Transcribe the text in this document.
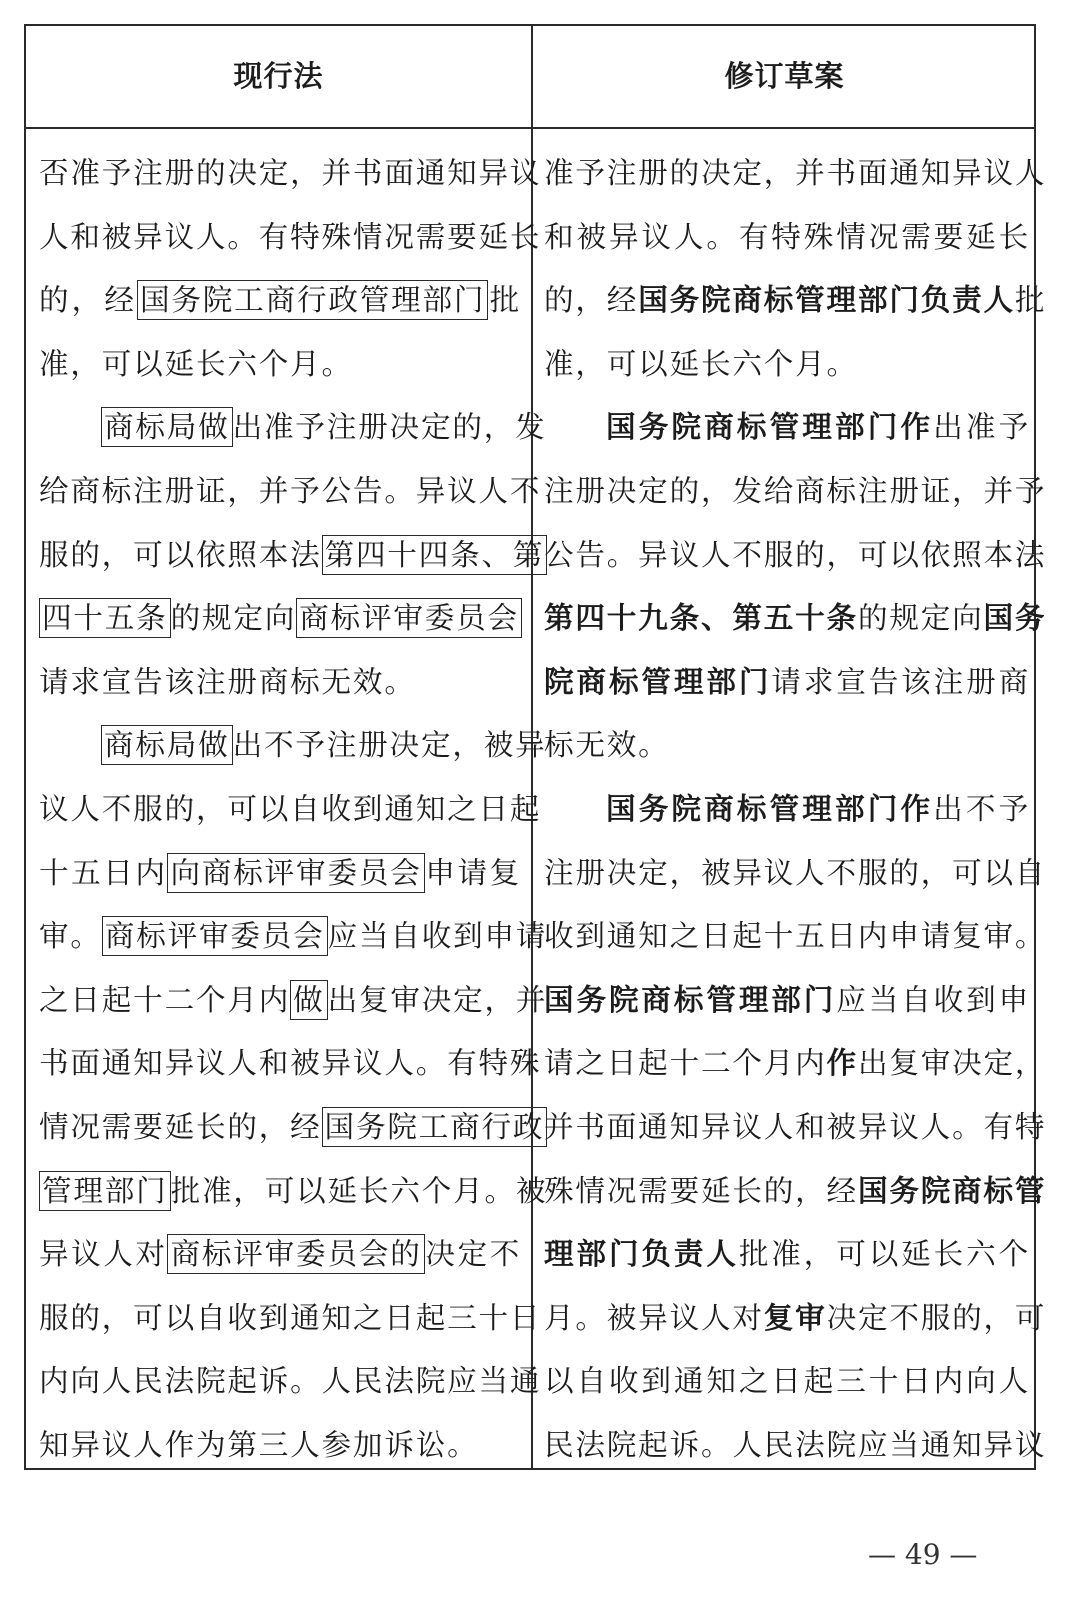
现行法	修订草案
否准予注册的决定，并书面通知异议
人和被异议人。有特殊情况需要延长
的，经 国务院工商行政管理部门 批
准，可以延长六个月。
商标局做 出准予注册决定的，发
给商标注册证，并予公告。异议人不
服的，可以依照本法 第四十四条、第
四十五条 的规定向 商标评审委员会
请求宣告该注册商标无效。
商标局做 出不予注册决定，被异
议人不服的，可以自收到通知之日起
十五日内 向商标评审委员会 申请复
审。 商标评审委员会 应当自收到申请
之日起十二个月内 做 出复审决定，并
书面通知异议人和被异议人。有特殊
情况需要延长的，经 国务院工商行政
管理部门 批准，可以延长六个月。被
异议人对 商标评审委员会的 决定不
服的，可以自收到通知之日起三十日
内向人民法院起诉。人民法院应当通
知异议人作为第三人参加诉讼。
准予注册的决定，并书面通知异议人
和被异议人。有特殊情况需要延长
的，经国务院商标管理部门负责人批
准，可以延长六个月。
国务院商标管理部门作出准予
注册决定的，发给商标注册证，并予
公告。异议人不服的，可以依照本法
第四十九条、第五十条的规定向国务
院商标管理部门请求宣告该注册商
标无效。
国务院商标管理部门作出不予
注册决定，被异议人不服的，可以自
收到通知之日起十五日内申请复审。
国务院商标管理部门应当自收到申
请之日起十二个月内作出复审决定，
并书面通知异议人和被异议人。有特
殊情况需要延长的，经国务院商标管
理部门负责人批准，可以延长六个
月。被异议人对复审决定不服的，可
以自收到通知之日起三十日内向人
民法院起诉。人民法院应当通知异议
— 49 —
